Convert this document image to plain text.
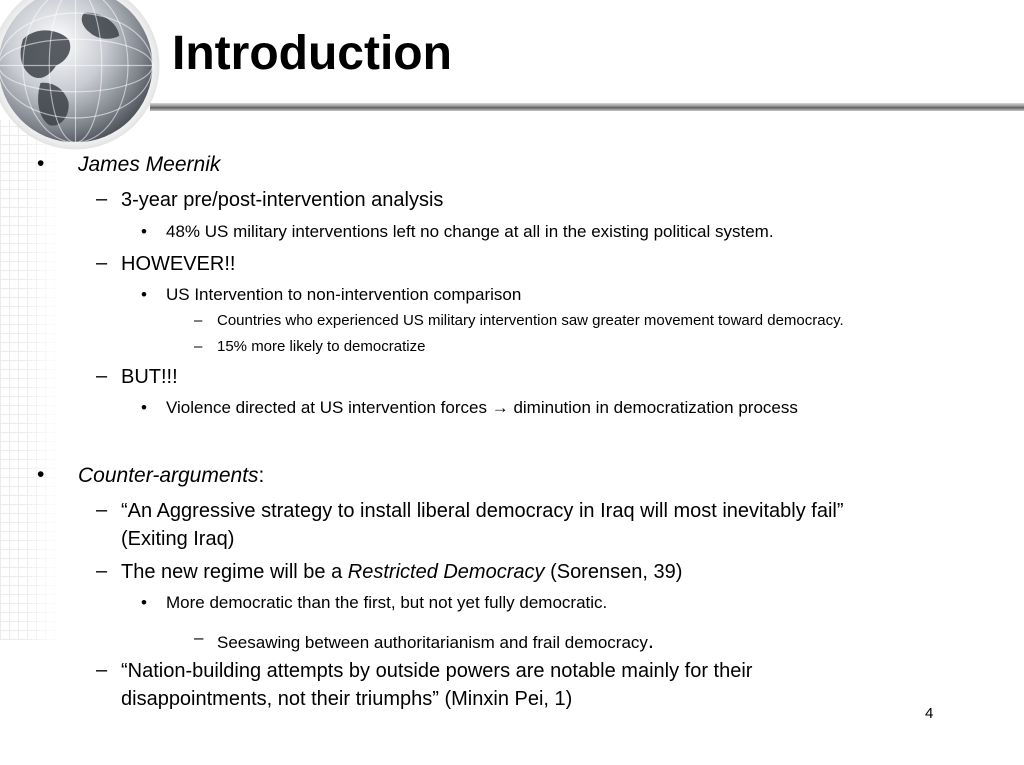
Introduction
• James Meernik
– 3-year pre/post-intervention analysis
• 48% US military interventions left no change at all in the existing political system.
– HOWEVER!!
• US Intervention to non-intervention comparison
– Countries who experienced US military intervention saw greater movement toward democracy.
– 15% more likely to democratize
– BUT!!!
• Violence directed at US intervention forces → diminution in democratization process
• Counter-arguments:
– “An Aggressive strategy to install liberal democracy in Iraq will most inevitably fail”
(Exiting Iraq)
– The new regime will be a Restricted Democracy (Sorensen, 39)
• More democratic than the first, but not yet fully democratic.
– Seesawing between authoritarianism and frail democracy.
– “Nation-building attempts by outside powers are notable mainly for their
disappointments, not their triumphs” (Minxin Pei, 1)
4
